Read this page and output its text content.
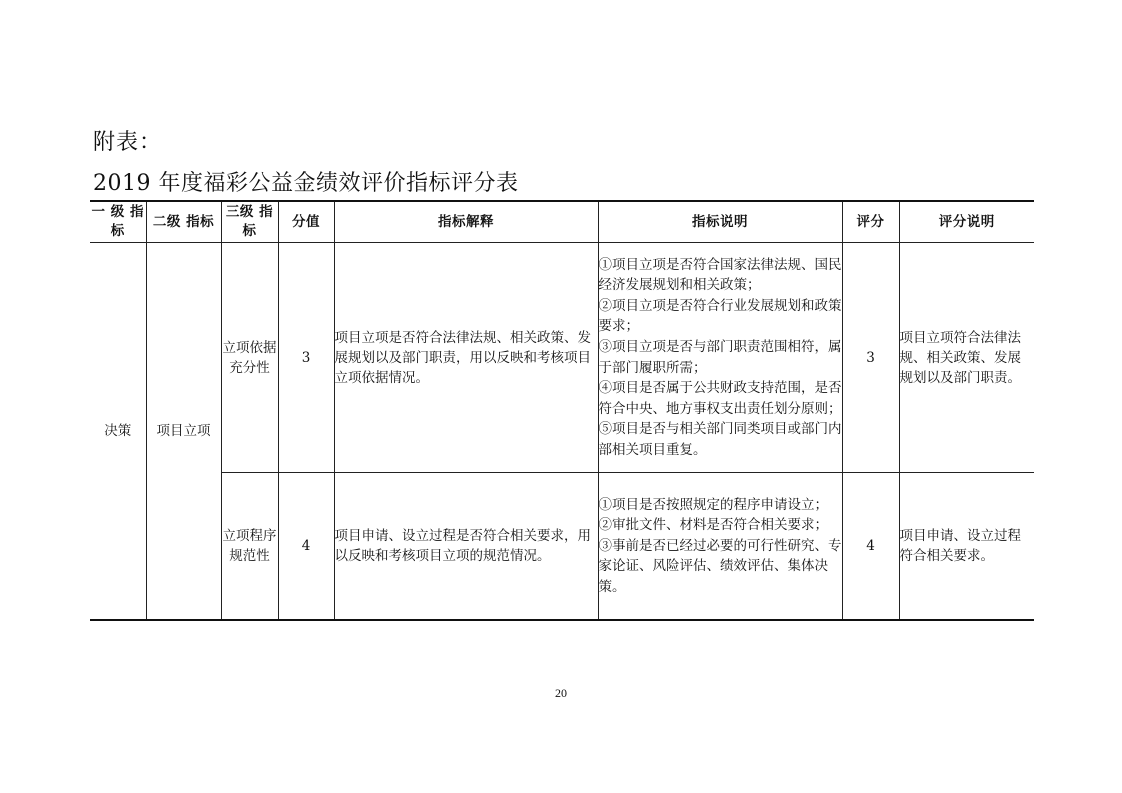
附表：
2019 年度福彩公益金绩效评价指标评分表
一 级 指标	二级 指标	三级 指标	分值	指标解释	指标说明	评分	评分说明
决策	项目立项	立项依据充分性	3	项目立项是否符合法律法规、相关政策、发展规划以及部门职责，用以反映和考核项目立项依据情况。	①项目立项是否符合国家法律法规、国民经济发展规划和相关政策；
②项目立项是否符合行业发展规划和政策要求；
③项目立项是否与部门职责范围相符，属于部门履职所需；
④项目是否属于公共财政支持范围，是否符合中央、地方事权支出责任划分原则；
⑤项目是否与相关部门同类项目或部门内部相关项目重复。	3	项目立项符合法律法规、相关政策、发展规划以及部门职责。
		立项程序规范性	4	项目申请、设立过程是否符合相关要求，用以反映和考核项目立项的规范情况。	①项目是否按照规定的程序申请设立；
②审批文件、材料是否符合相关要求；
③事前是否已经过必要的可行性研究、专家论证、风险评估、绩效评估、集体决策。	4	项目申请、设立过程符合相关要求。
20
